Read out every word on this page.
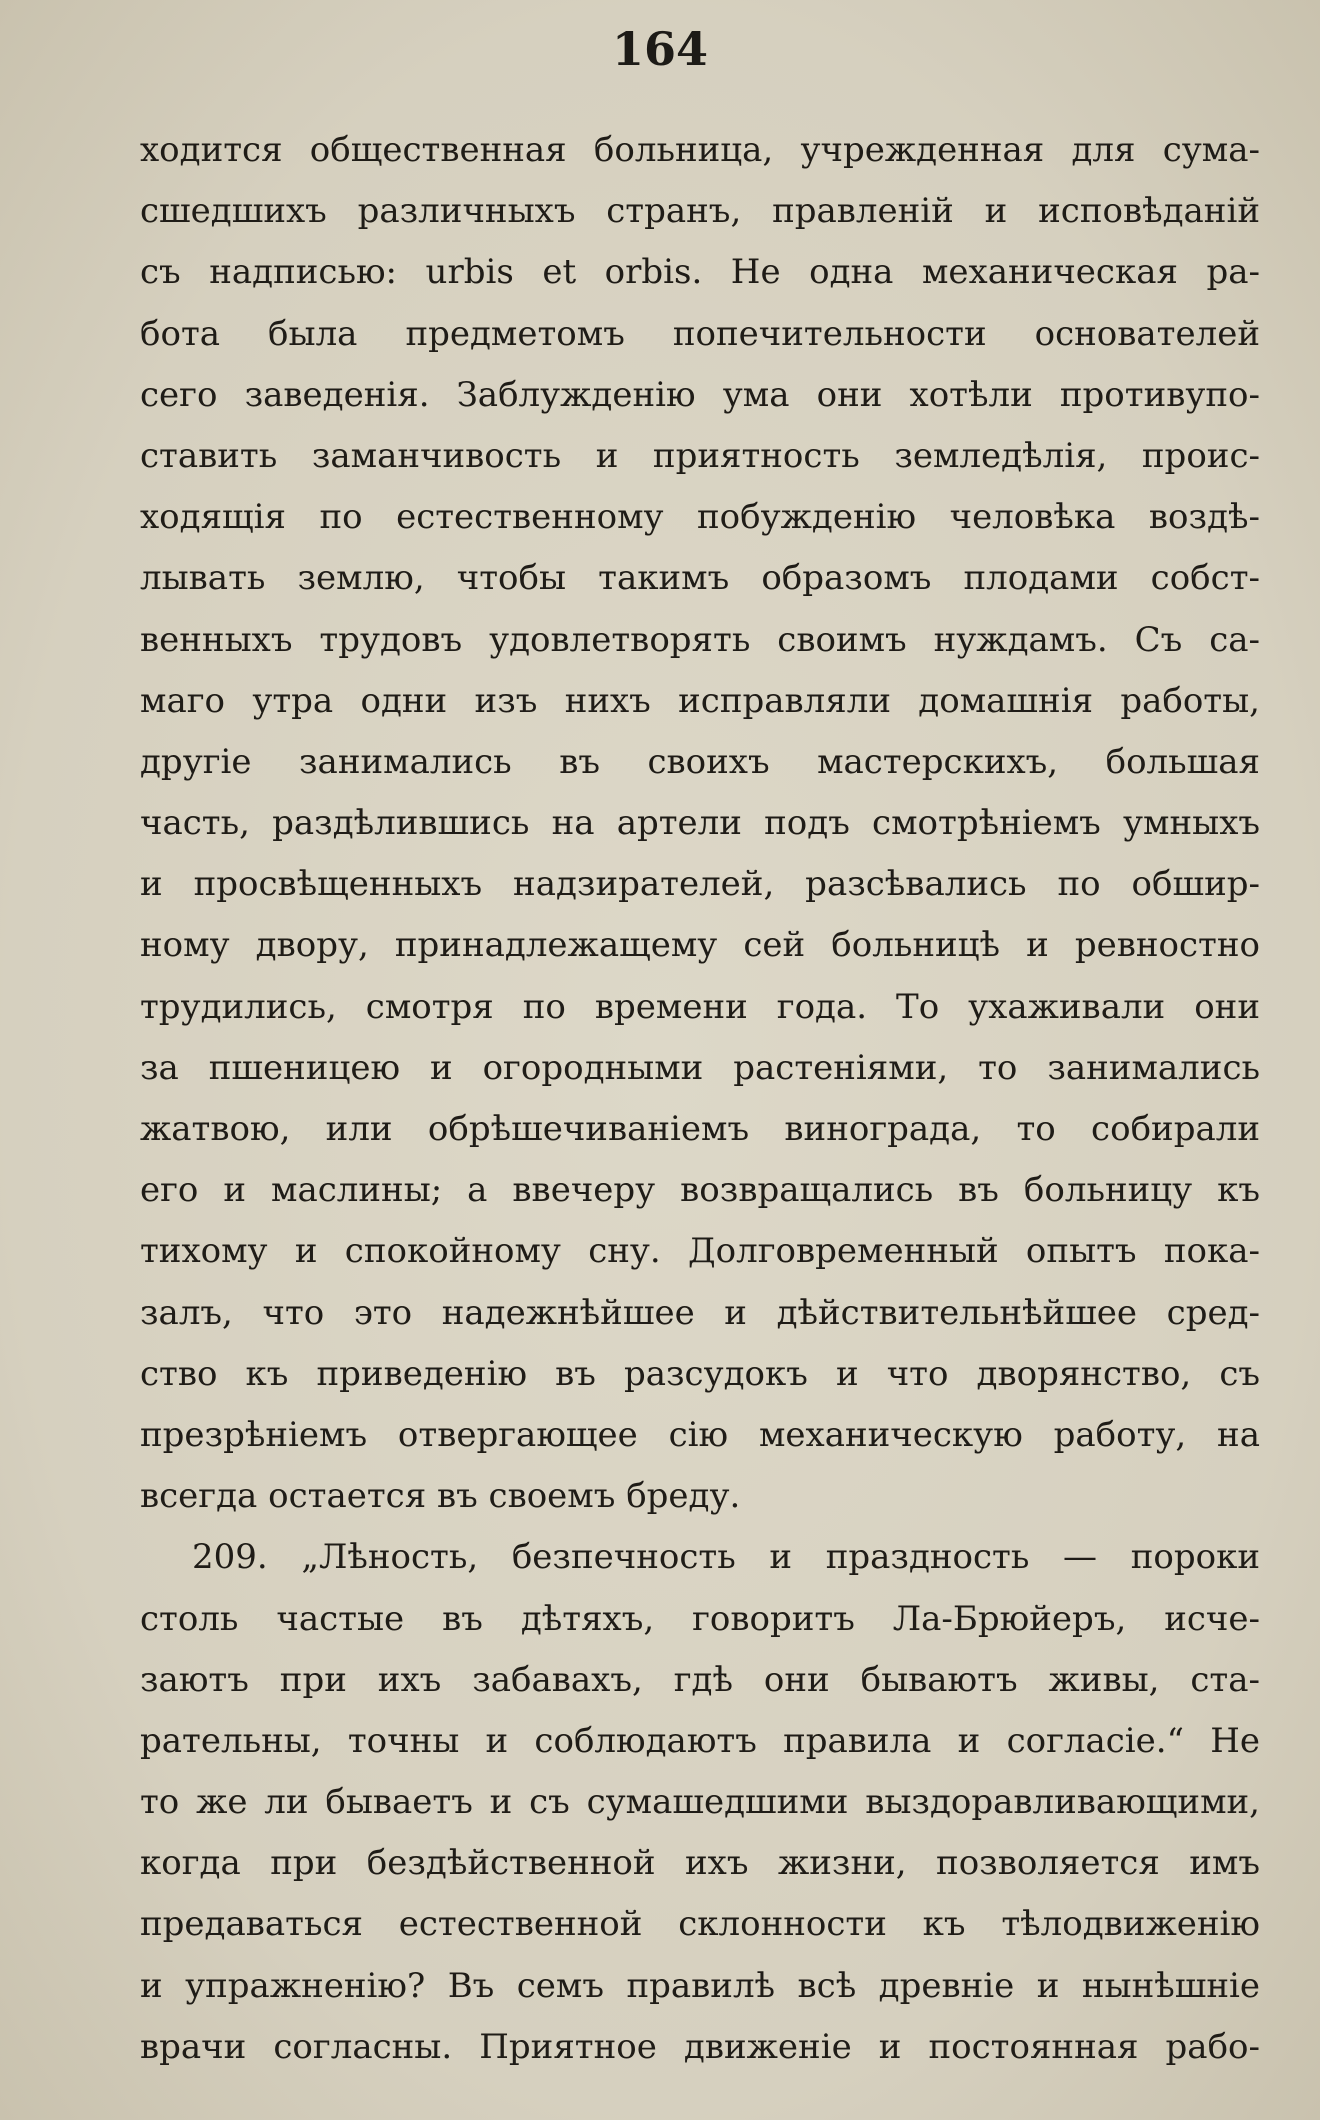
164
ходится общественная больница, учрежденная для сума-
сшедшихъ различныхъ странъ, правленій и исповѣданій
съ надписью: urbis et orbis. Не одна механическая ра-
бота была предметомъ попечительности основателей
сего заведенія. Заблужденію ума они хотѣли противупо-
ставить заманчивость и приятность земледѣлія, проис-
ходящія по естественному побужденію человѣка воздѣ-
лывать землю, чтобы такимъ образомъ плодами собст-
венныхъ трудовъ удовлетворять своимъ нуждамъ. Съ са-
маго утра одни изъ нихъ исправляли домашнія работы,
другіе занимались въ своихъ мастерскихъ, большая
часть, раздѣлившись на артели подъ смотрѣніемъ умныхъ
и просвѣщенныхъ надзирателей, разсѣвались по обшир-
ному двору, принадлежащему сей больницѣ и ревностно
трудились, смотря по времени года. То ухаживали они
за пшеницею и огородными растеніями, то занимались
жатвою, или обрѣшечиваніемъ винограда, то собирали
его и маслины; а ввечеру возвращались въ больницу къ
тихому и спокойному сну. Долговременный опытъ пока-
залъ, что это надежнѣйшее и дѣйствительнѣйшее сред-
ство къ приведенію въ разсудокъ и что дворянство, съ
презрѣніемъ отвергающее сію механическую работу, на
всегда остается въ своемъ бреду.
209. „Лѣность, безпечность и праздность — пороки
столь частые въ дѣтяхъ, говоритъ Ла-Брюйеръ, исче-
заютъ при ихъ забавахъ, гдѣ они бываютъ живы, ста-
рательны, точны и соблюдаютъ правила и согласіе.“ Не
то же ли бываетъ и съ сумашедшими выздоравливающими,
когда при бездѣйственной ихъ жизни, позволяется имъ
предаваться естественной склонности къ тѣлодвиженію
и упражненію? Въ семъ правилѣ всѣ древніе и нынѣшніе
врачи согласны. Приятное движеніе и постоянная рабо-
